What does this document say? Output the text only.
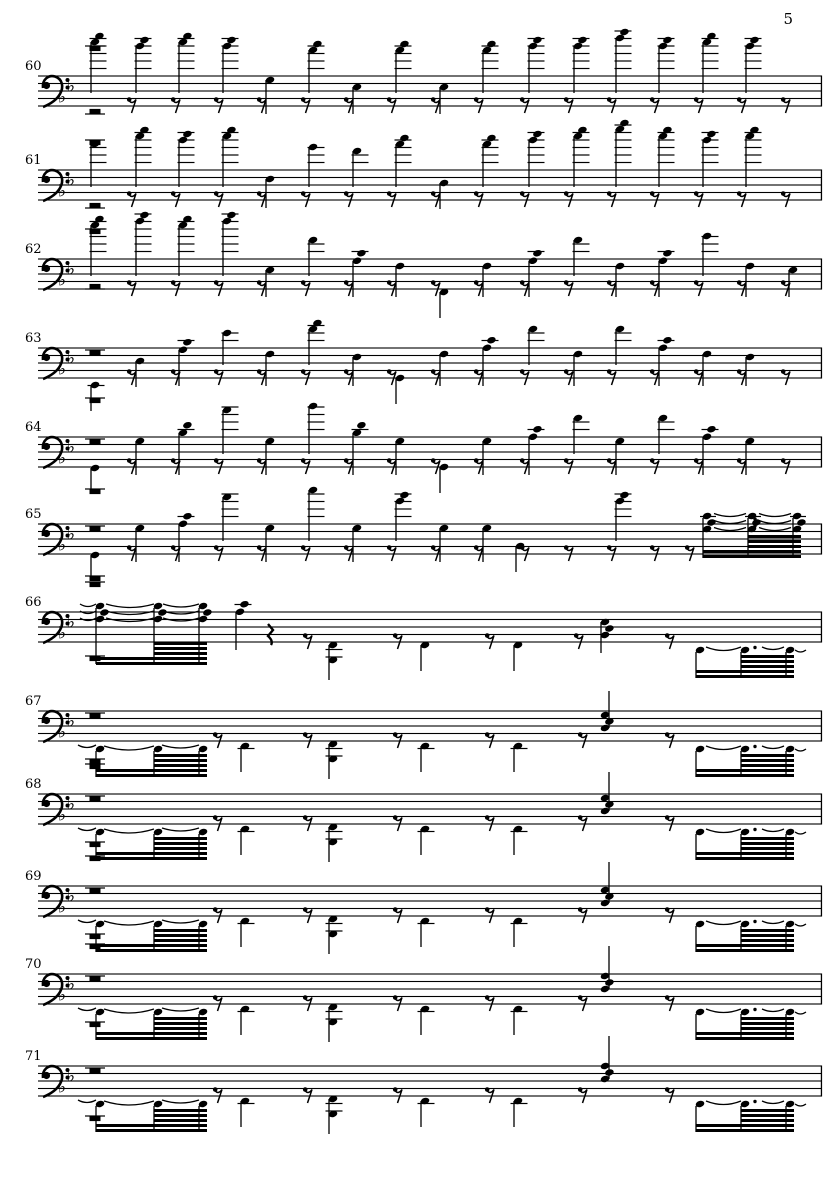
5
60
♭
♭
61
♭
♭
62
♭
♭
63
♭
♭
64
♭
♭
65
♭
♭
66
♭
♭
67
♭
♭
68
♭
♭
69
♭
♭
70
♭
♭
71
♭
♭
